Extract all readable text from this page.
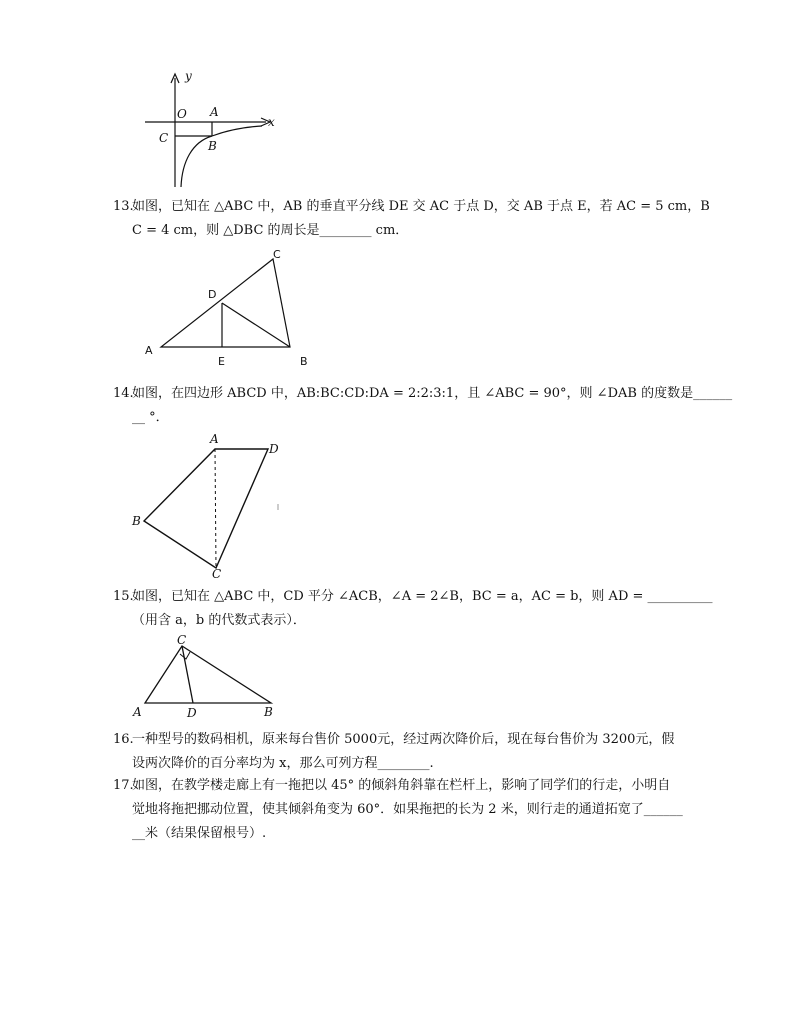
y
x
O A
C
B
13.
如图，已知在 △ABC 中，AB 的垂直平分线 DE 交 AC 于点 D，交 AB 于点 E，若 AC = 5 cm，B
C = 4 cm，则 △DBC 的周长是________ cm．
A
B
C
D
E
14.
如图，在四边形 ABCD 中，AB:BC:CD:DA = 2:2:3:1，且 ∠ABC = 90°，则 ∠DAB 的度数是______
__ °．
A
B
C
D
15.
如图，已知在 △ABC 中，CD 平分 ∠ACB，∠A = 2∠B，BC = a，AC = b，则 AD = __________
（用含 a，b 的代数式表示）．
A	B
C
D
16.
一种型号的数码相机，原来每台售价 5000元，经过两次降价后，现在每台售价为 3200元，假
设两次降价的百分率均为 x，那么可列方程________.
17.
如图，在教学楼走廊上有一拖把以 45° 的倾斜角斜靠在栏杆上，影响了同学们的行走，小明自
觉地将拖把挪动位置，使其倾斜角变为 60°．如果拖把的长为 2 米，则行走的通道拓宽了______
__米（结果保留根号）.
